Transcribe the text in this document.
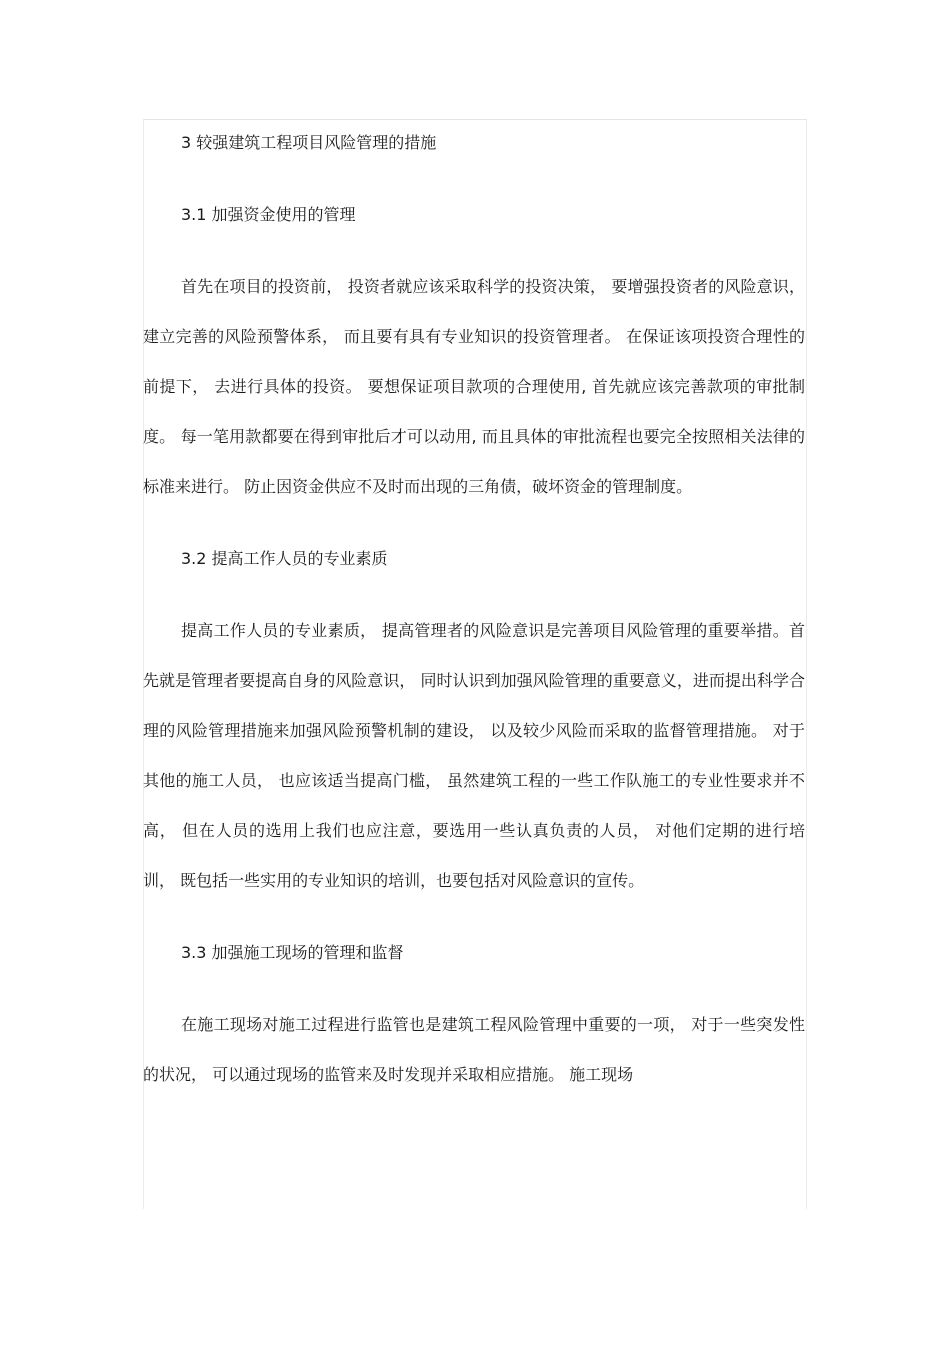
3 较强建筑工程项目风险管理的措施
3.1 加强资金使用的管理

首先在项目的投资前， 投资者就应该采取科学的投资决策， 要增强投资者的风险意识， 建立完善的风险预警体系， 而且要有具有专业知识的投资管理者。 在保证该项投资合理性的前提下， 去进行具体的投资。 要想保证项目款项的合理使用, 首先就应该完善款项的审批制度。 每一笔用款都要在得到审批后才可以动用, 而且具体的审批流程也要完全按照相关法律的标准来进行。 防止因资金供应不及时而出现的三角债，破坏资金的管理制度。

3.2 提高工作人员的专业素质

提高工作人员的专业素质， 提高管理者的风险意识是完善项目风险管理的重要举措。首先就是管理者要提高自身的风险意识， 同时认识到加强风险管理的重要意义，进而提出科学合理的风险管理措施来加强风险预警机制的建设， 以及较少风险而采取的监督管理措施。 对于其他的施工人员， 也应该适当提高门槛， 虽然建筑工程的一些工作队施工的专业性要求并不高， 但在人员的选用上我们也应注意，要选用一些认真负责的人员， 对他们定期的进行培训， 既包括一些实用的专业知识的培训，也要包括对风险意识的宣传。

3.3 加强施工现场的管理和监督

在施工现场对施工过程进行监管也是建筑工程风险管理中重要的一项， 对于一些突发性的状况， 可以通过现场的监管来及时发现并采取相应措施。 施工现场
